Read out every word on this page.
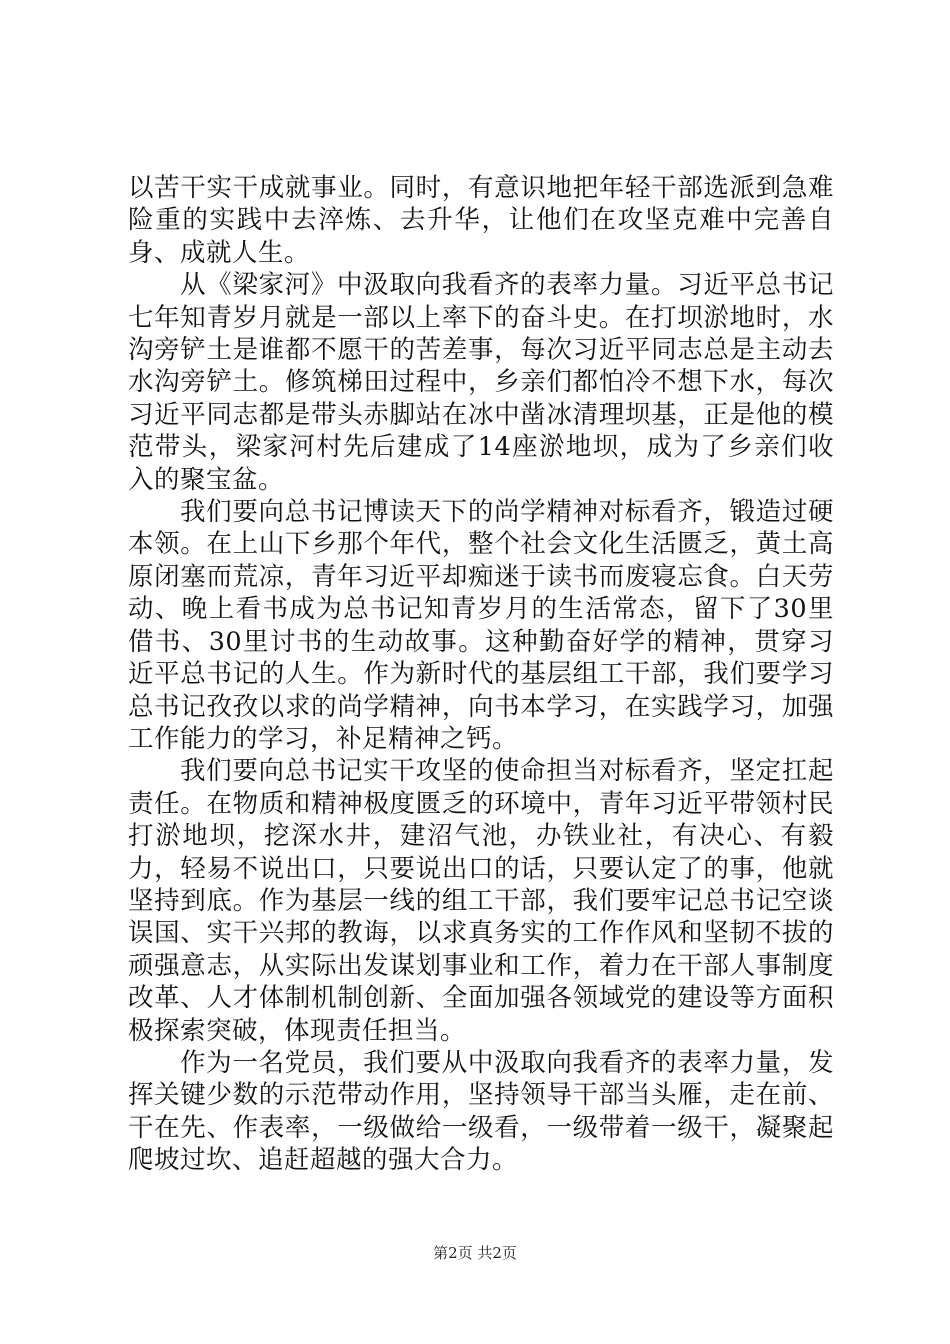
以苦干实干成就事业。同时，有意识地把年轻干部选派到急难险重的实践中去淬炼、去升华，让他们在攻坚克难中完善自身、成就人生。

从《梁家河》中汲取向我看齐的表率力量。习近平总书记七年知青岁月就是一部以上率下的奋斗史。在打坝淤地时，水沟旁铲土是谁都不愿干的苦差事，每次习近平同志总是主动去水沟旁铲土。修筑梯田过程中，乡亲们都怕冷不想下水，每次习近平同志都是带头赤脚站在冰中凿冰清理坝基，正是他的模范带头，梁家河村先后建成了14座淤地坝，成为了乡亲们收入的聚宝盆。

我们要向总书记博读天下的尚学精神对标看齐，锻造过硬本领。在上山下乡那个年代，整个社会文化生活匮乏，黄土高原闭塞而荒凉，青年习近平却痴迷于读书而废寝忘食。白天劳动、晚上看书成为总书记知青岁月的生活常态，留下了30里借书、30里讨书的生动故事。这种勤奋好学的精神，贯穿习近平总书记的人生。作为新时代的基层组工干部，我们要学习总书记孜孜以求的尚学精神，向书本学习，在实践学习，加强工作能力的学习，补足精神之钙。

我们要向总书记实干攻坚的使命担当对标看齐，坚定扛起责任。在物质和精神极度匮乏的环境中，青年习近平带领村民打淤地坝，挖深水井，建沼气池，办铁业社，有决心、有毅力，轻易不说出口，只要说出口的话，只要认定了的事，他就坚持到底。作为基层一线的组工干部，我们要牢记总书记空谈误国、实干兴邦的教诲，以求真务实的工作作风和坚韧不拔的顽强意志，从实际出发谋划事业和工作，着力在干部人事制度改革、人才体制机制创新、全面加强各领域党的建设等方面积极探索突破，体现责任担当。

作为一名党员，我们要从中汲取向我看齐的表率力量，发挥关键少数的示范带动作用，坚持领导干部当头雁，走在前、干在先、作表率，一级做给一级看，一级带着一级干，凝聚起爬坡过坎、追赶超越的强大合力。

第2页 共2页
